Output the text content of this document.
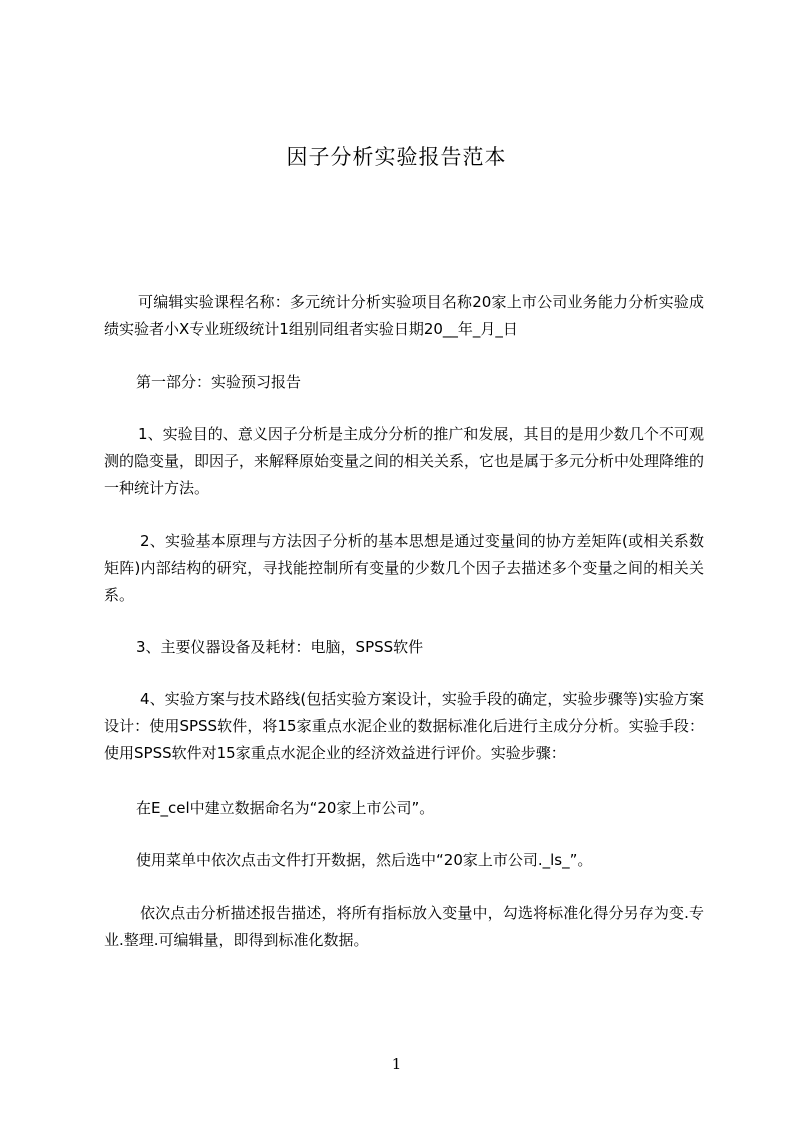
因子分析实验报告范本
可编辑实验课程名称：多元统计分析实验项目名称20家上市公司业务能力分析实验成绩实验者小X专业班级统计1组别同组者实验日期20__年_月_日
第一部分：实验预习报告
1、实验目的、意义因子分析是主成分分析的推广和发展，其目的是用少数几个不可观测的隐变量，即因子，来解释原始变量之间的相关关系，它也是属于多元分析中处理降维的一种统计方法。
2、实验基本原理与方法因子分析的基本思想是通过变量间的协方差矩阵(或相关系数矩阵)内部结构的研究，寻找能控制所有变量的少数几个因子去描述多个变量之间的相关关系。
3、主要仪器设备及耗材：电脑，SPSS软件
4、实验方案与技术路线(包括实验方案设计，实验手段的确定，实验步骤等)实验方案设计：使用SPSS软件，将15家重点水泥企业的数据标准化后进行主成分分析。实验手段：使用SPSS软件对15家重点水泥企业的经济效益进行评价。实验步骤：
在E_cel中建立数据命名为“20家上市公司”。
使用菜单中依次点击文件打开数据，然后选中“20家上市公司._ls_”。
依次点击分析描述报告描述，将所有指标放入变量中，勾选将标准化得分另存为变.专业.整理.可编辑量，即得到标准化数据。
1
